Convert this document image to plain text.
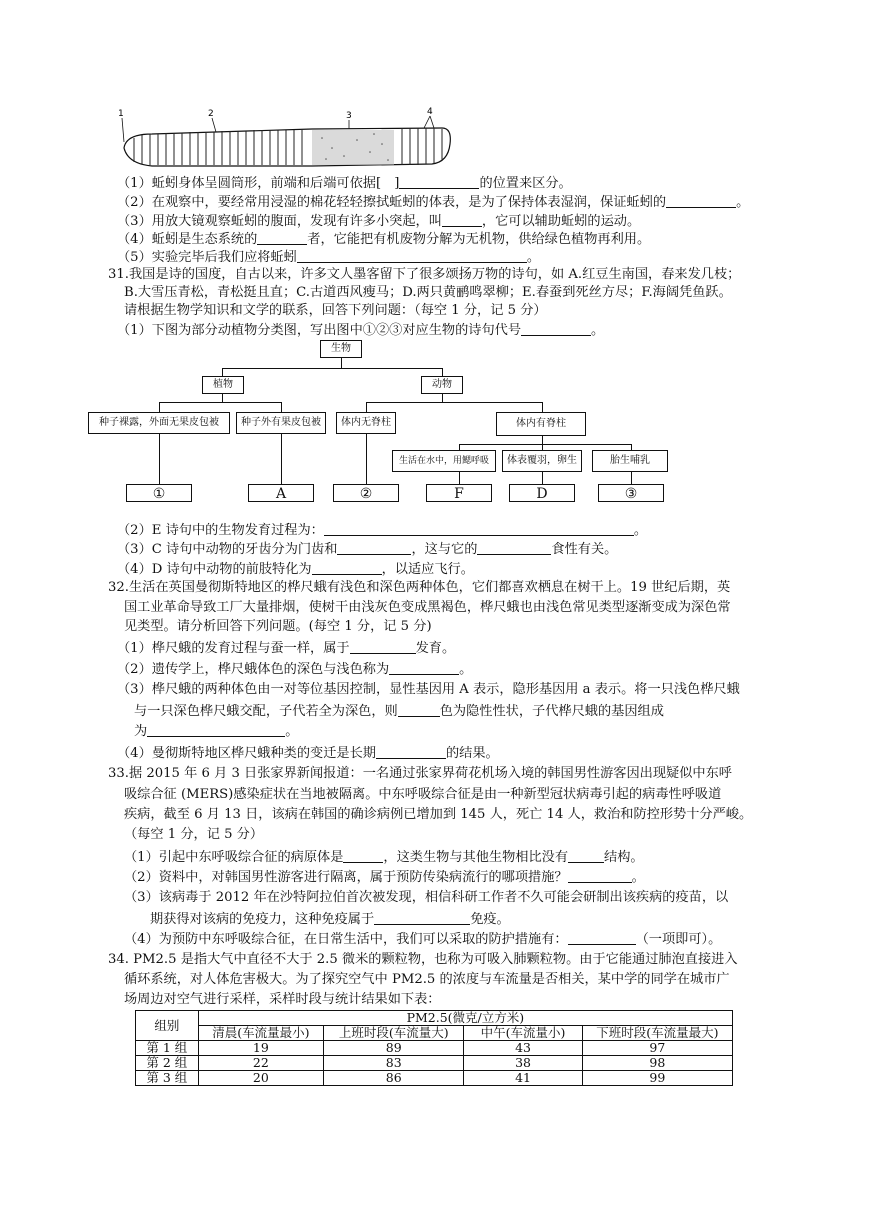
1	2	3	4
（1）蚯蚓身体呈圆筒形，前端和后端可依据[　]	的位置来区分。
（2）在观察中，要经常用浸湿的棉花轻轻擦拭蚯蚓的体表，是为了保持体表湿润，保证蚯蚓的	。
（3）用放大镜观察蚯蚓的腹面，发现有许多小突起，叫	，它可以辅助蚯蚓的运动。
（4）蚯蚓是生态系统的	者，它能把有机废物分解为无机物，供给绿色植物再利用。
（5）实验完毕后我们应将蚯蚓	。
31.我国是诗的国度，自古以来，许多文人墨客留下了很多颂扬万物的诗句，如 A.红豆生南国，春来发几枝；
B.大雪压青松，青松挺且直；C.古道西风瘦马；D.两只黄鹂鸣翠柳；E.春蚕到死丝方尽；F.海阔凭鱼跃。
请根据生物学知识和文学的联系，回答下列问题：（每空 1 分，记 5 分）
（1）下图为部分动植物分类图，写出图中①②③对应生物的诗句代号	。
生物
植物	动物
种子裸露，外面无果皮包被	种子外有果皮包被	体内无脊柱	体内有脊柱
生活在水中，用鳃呼吸	体表覆羽，卵生	胎生哺乳
①	A	②	F	D	③
（2）E 诗句中的生物发育过程为：	。
（3）C 诗句中动物的牙齿分为门齿和	，这与它的	食性有关。
（4）D 诗句中动物的前肢特化为	，以适应飞行。
32.生活在英国曼彻斯特地区的桦尺蛾有浅色和深色两种体色，它们都喜欢栖息在树干上。19 世纪后期，英
国工业革命导致工厂大量排烟，使树干由浅灰色变成黑褐色，桦尺蛾也由浅色常见类型逐渐变成为深色常
见类型。请分析回答下列问题。(每空 1 分，记 5 分)
（1）桦尺蛾的发育过程与蚕一样，属于	发育。
（2）遗传学上，桦尺蛾体色的深色与浅色称为	。
（3）桦尺蛾的两种体色由一对等位基因控制，显性基因用 A 表示，隐形基因用 a 表示。将一只浅色桦尺蛾
与一只深色桦尺蛾交配，子代若全为深色，则	色为隐性性状，子代桦尺蛾的基因组成
为	。
（4）曼彻斯特地区桦尺蛾种类的变迁是长期	的结果。
33.据 2015 年 6 月 3 日张家界新闻报道：一名通过张家界荷花机场入境的韩国男性游客因出现疑似中东呼
吸综合征 (MERS)感染症状在当地被隔离。中东呼吸综合征是由一种新型冠状病毒引起的病毒性呼吸道
疾病，截至 6 月 13 日，该病在韩国的确诊病例已增加到 145 人，死亡 14 人，救治和防控形势十分严峻。
（每空 1 分，记 5 分）
（1）引起中东呼吸综合征的病原体是	，这类生物与其他生物相比没有	结构。
（2）资料中，对韩国男性游客进行隔离，属于预防传染病流行的哪项措施？	。
（3）该病毒于 2012 年在沙特阿拉伯首次被发现，相信科研工作者不久可能会研制出该疾病的疫苗，以
期获得对该病的免疫力，这种免疫属于	免疫。
（4）为预防中东呼吸综合征，在日常生活中，我们可以采取的防护措施有：	（一项即可）。
34. PM2.5 是指大气中直径不大于 2.5 微米的颗粒物，也称为可吸入肺颗粒物。由于它能通过肺泡直接进入
循环系统，对人体危害极大。为了探究空气中 PM2.5 的浓度与车流量是否相关，某中学的同学在城市广
场周边对空气进行采样，采样时段与统计结果如下表：
组别	PM2.5(微克/立方米)			
	清晨(车流量最小)	上班时段(车流量大)	中午(车流量小)	下班时段(车流量最大)
第 1 组	19	89	43	97
第 2 组	22	83	38	98
第 3 组	20	86	41	99
